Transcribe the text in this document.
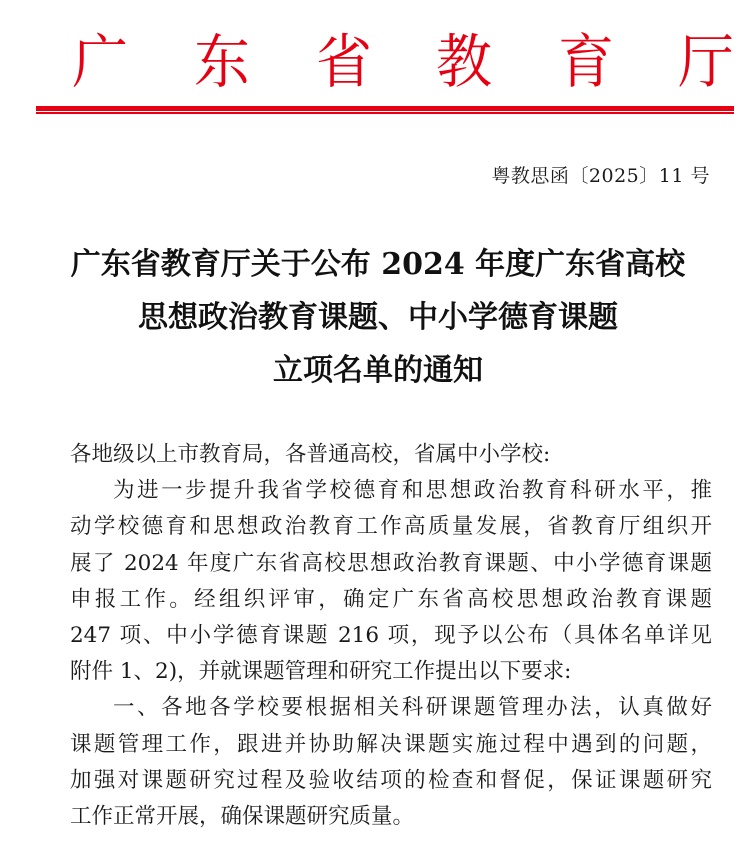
广 东 省 教 育 厅
粤教思函〔2025〕11 号
广东省教育厅关于公布 2024 年度广东省高校
思想政治教育课题、中小学德育课题
立项名单的通知
各地级以上市教育局，各普通高校，省属中小学校:
为进一步提升我省学校德育和思想政治教育科研水平，推
动学校德育和思想政治教育工作高质量发展，省教育厅组织开
展了 2024 年度广东省高校思想政治教育课题、中小学德育课题
申报工作。经组织评审，确定广东省高校思想政治教育课题
247 项、中小学德育课题 216 项，现予以公布（具体名单详见
附件 1、2)，并就课题管理和研究工作提出以下要求:
一、各地各学校要根据相关科研课题管理办法，认真做好
课题管理工作，跟进并协助解决课题实施过程中遇到的问题，
加强对课题研究过程及验收结项的检查和督促，保证课题研究
工作正常开展，确保课题研究质量。
